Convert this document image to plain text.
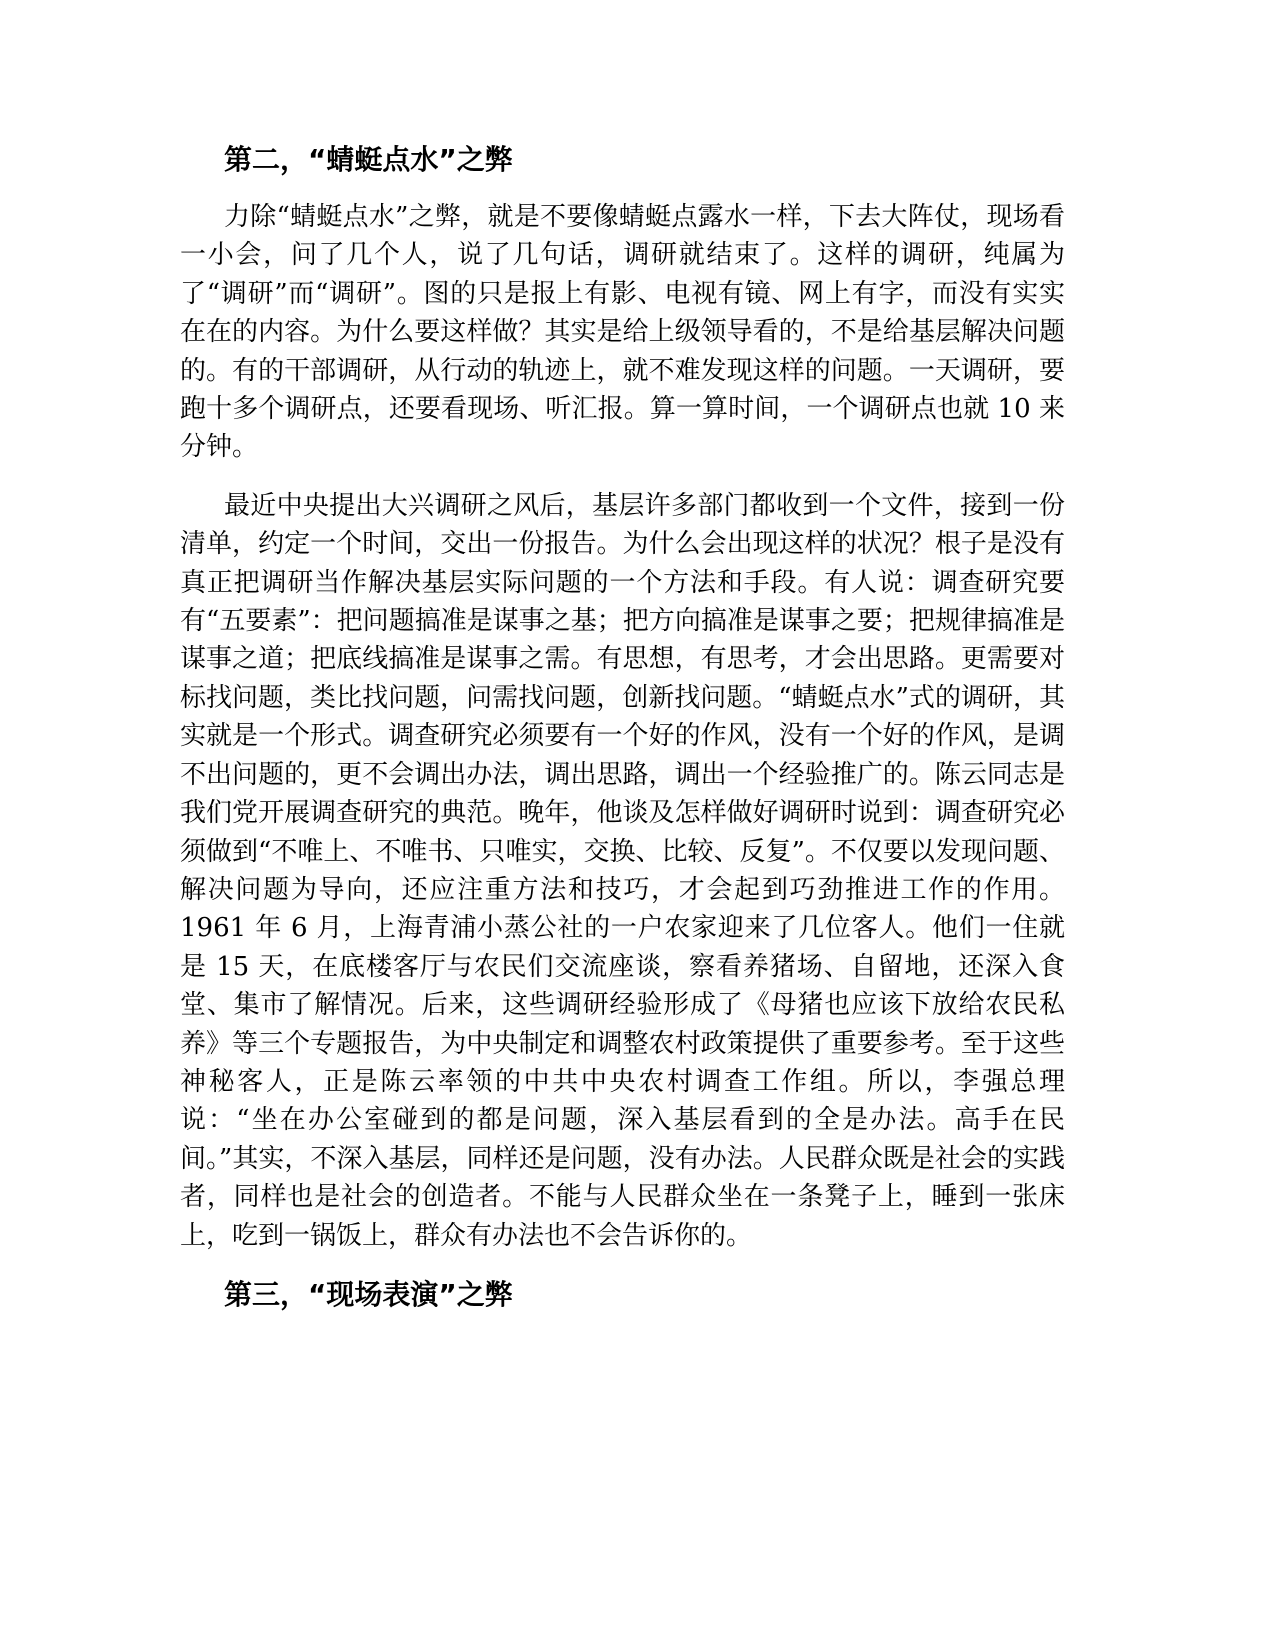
第二，“蜻蜓点水”之弊

力除“蜻蜓点水”之弊，就是不要像蜻蜓点露水一样，下去大阵仗，现场看一小会，问了几个人，说了几句话，调研就结束了。这样的调研，纯属为了“调研”而“调研”。图的只是报上有影、电视有镜、网上有字，而没有实实在在的内容。为什么要这样做？其实是给上级领导看的，不是给基层解决问题的。有的干部调研，从行动的轨迹上，就不难发现这样的问题。一天调研，要跑十多个调研点，还要看现场、听汇报。算一算时间，一个调研点也就 10 来分钟。

最近中央提出大兴调研之风后，基层许多部门都收到一个文件，接到一份清单，约定一个时间，交出一份报告。为什么会出现这样的状况？根子是没有真正把调研当作解决基层实际问题的一个方法和手段。有人说：调查研究要有“五要素”：把问题搞准是谋事之基；把方向搞准是谋事之要；把规律搞准是谋事之道；把底线搞准是谋事之需。有思想，有思考，才会出思路。更需要对标找问题，类比找问题，问需找问题，创新找问题。“蜻蜓点水”式的调研，其实就是一个形式。调查研究必须要有一个好的作风，没有一个好的作风，是调不出问题的，更不会调出办法，调出思路，调出一个经验推广的。陈云同志是我们党开展调查研究的典范。晚年，他谈及怎样做好调研时说到：调查研究必须做到“不唯上、不唯书、只唯实，交换、比较、反复”。不仅要以发现问题、解决问题为导向，还应注重方法和技巧，才会起到巧劲推进工作的作用。1961 年 6 月，上海青浦小蒸公社的一户农家迎来了几位客人。他们一住就是 15 天，在底楼客厅与农民们交流座谈，察看养猪场、自留地，还深入食堂、集市了解情况。后来，这些调研经验形成了《母猪也应该下放给农民私养》等三个专题报告，为中央制定和调整农村政策提供了重要参考。至于这些神秘客人，正是陈云率领的中共中央农村调查工作组。所以，李强总理说：“坐在办公室碰到的都是问题，深入基层看到的全是办法。高手在民间。”其实，不深入基层，同样还是问题，没有办法。人民群众既是社会的实践者，同样也是社会的创造者。不能与人民群众坐在一条凳子上，睡到一张床上，吃到一锅饭上，群众有办法也不会告诉你的。

第三，“现场表演”之弊
